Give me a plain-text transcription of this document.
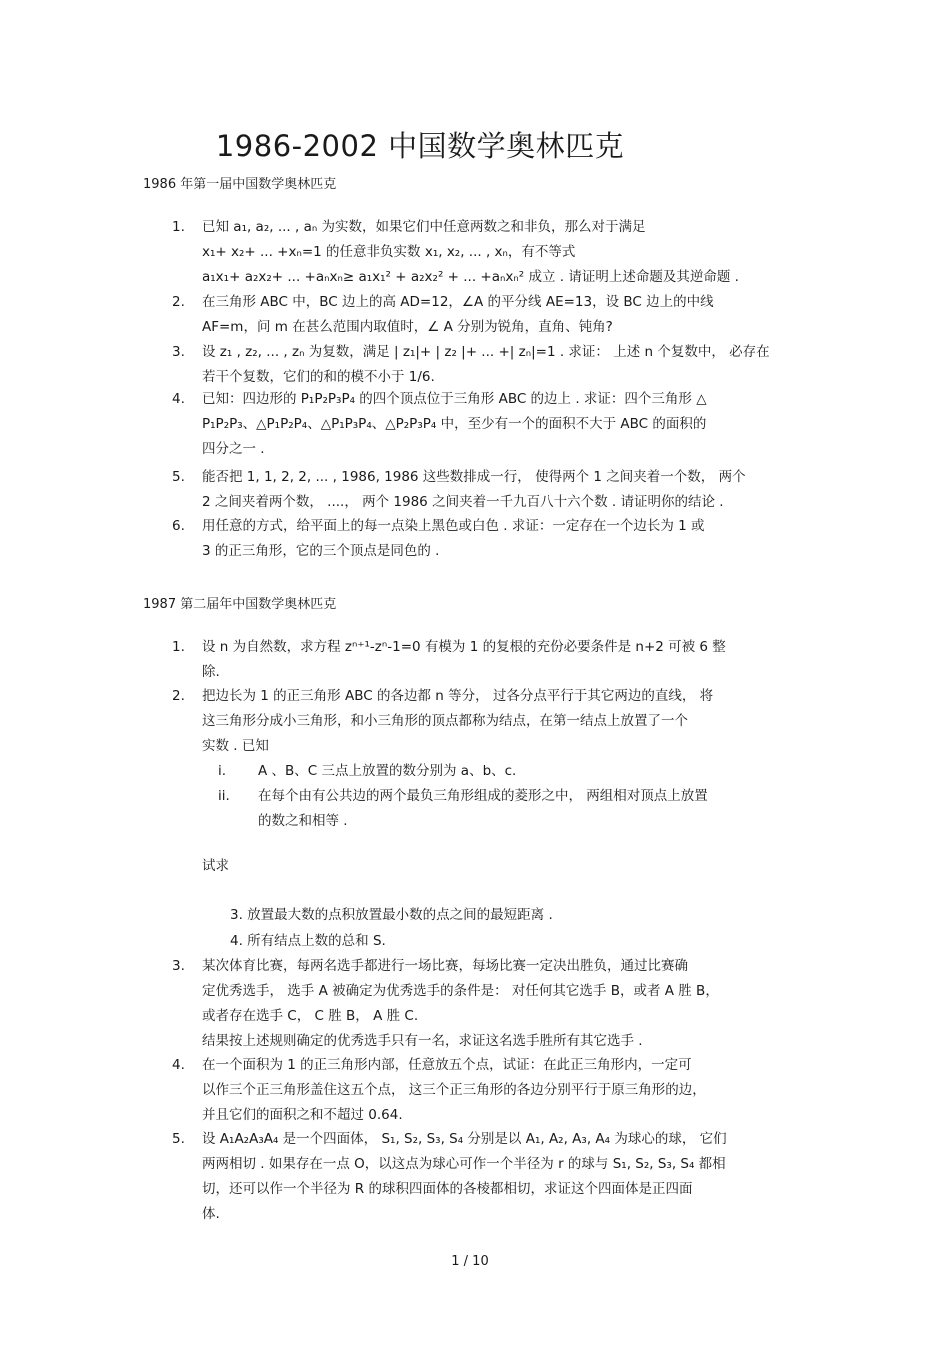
1986-2002 中国数学奥林匹克
1986 年第一届中国数学奥林匹克
1.	已知 a₁, a₂, ... , aₙ 为实数，如果它们中任意两数之和非负，那么对于满足
x₁+ x₂+ ... +xₙ=1 的任意非负实数 x₁, x₂, ... , xₙ，有不等式
a₁x₁+ a₂x₂+ ... +aₙxₙ≥ a₁x₁² + a₂x₂² + ... +aₙxₙ² 成立 . 请证明上述命题及其逆命题 .
2.	在三角形 ABC 中，BC 边上的高 AD=12，∠A 的平分线 AE=13，设 BC 边上的中线
AF=m，问 m 在甚么范围内取值时，∠ A 分别为锐角，直角、钝角?
3.	设 z₁ , z₂, ... , zₙ 为复数，满足 | z₁|+ | z₂ |+ ... +| zₙ|=1 . 求证： 上述 n 个复数中， 必存在
若干个复数，它们的和的模不小于 1/6.
4.	已知：四边形的 P₁P₂P₃P₄ 的四个顶点位于三角形 ABC 的边上 . 求证：四个三角形 △
P₁P₂P₃、△P₁P₂P₄、△P₁P₃P₄、△P₂P₃P₄ 中，至少有一个的面积不大于 ABC 的面积的
四分之一 .
5.	能否把 1, 1, 2, 2, ... , 1986, 1986 这些数排成一行， 使得两个 1 之间夹着一个数， 两个
2 之间夹着两个数， ....， 两个 1986 之间夹着一千九百八十六个数 . 请证明你的结论 .
6.	用任意的方式，给平面上的每一点染上黑色或白色 . 求证：一定存在一个边长为 1 或
3 的正三角形，它的三个顶点是同色的 .
1987 第二届年中国数学奥林匹克
1.	设 n 为自然数，求方程 zⁿ⁺¹-zⁿ-1=0 有模为 1 的复根的充份必要条件是 n+2 可被 6 整
除.
2.	把边长为 1 的正三角形 ABC 的各边都 n 等分， 过各分点平行于其它两边的直线， 将
这三角形分成小三角形，和小三角形的顶点都称为结点，在第一结点上放置了一个
实数 . 已知
i. A 、B、C 三点上放置的数分别为 a、b、c.
ii. 在每个由有公共边的两个最负三角形组成的菱形之中， 两组相对顶点上放置
的数之和相等 .
试求
3. 放置最大数的点积放置最小数的点之间的最短距离 .
4. 所有结点上数的总和 S.
3.	某次体育比赛，每两名选手都进行一场比赛，每场比赛一定决出胜负，通过比赛确
定优秀选手， 选手 A 被确定为优秀选手的条件是： 对任何其它选手 B，或者 A 胜 B，
或者存在选手 C， C 胜 B， A 胜 C.
结果按上述规则确定的优秀选手只有一名，求证这名选手胜所有其它选手 .
4.	在一个面积为 1 的正三角形内部，任意放五个点，试证：在此正三角形内，一定可
以作三个正三角形盖住这五个点， 这三个正三角形的各边分别平行于原三角形的边，
并且它们的面积之和不超过 0.64.
5.	设 A₁A₂A₃A₄ 是一个四面体， S₁, S₂, S₃, S₄ 分别是以 A₁, A₂, A₃, A₄ 为球心的球， 它们
两两相切 . 如果存在一点 O，以这点为球心可作一个半径为 r 的球与 S₁, S₂, S₃, S₄ 都相
切，还可以作一个半径为 R 的球积四面体的各棱都相切，求证这个四面体是正四面
体.
1 / 10
